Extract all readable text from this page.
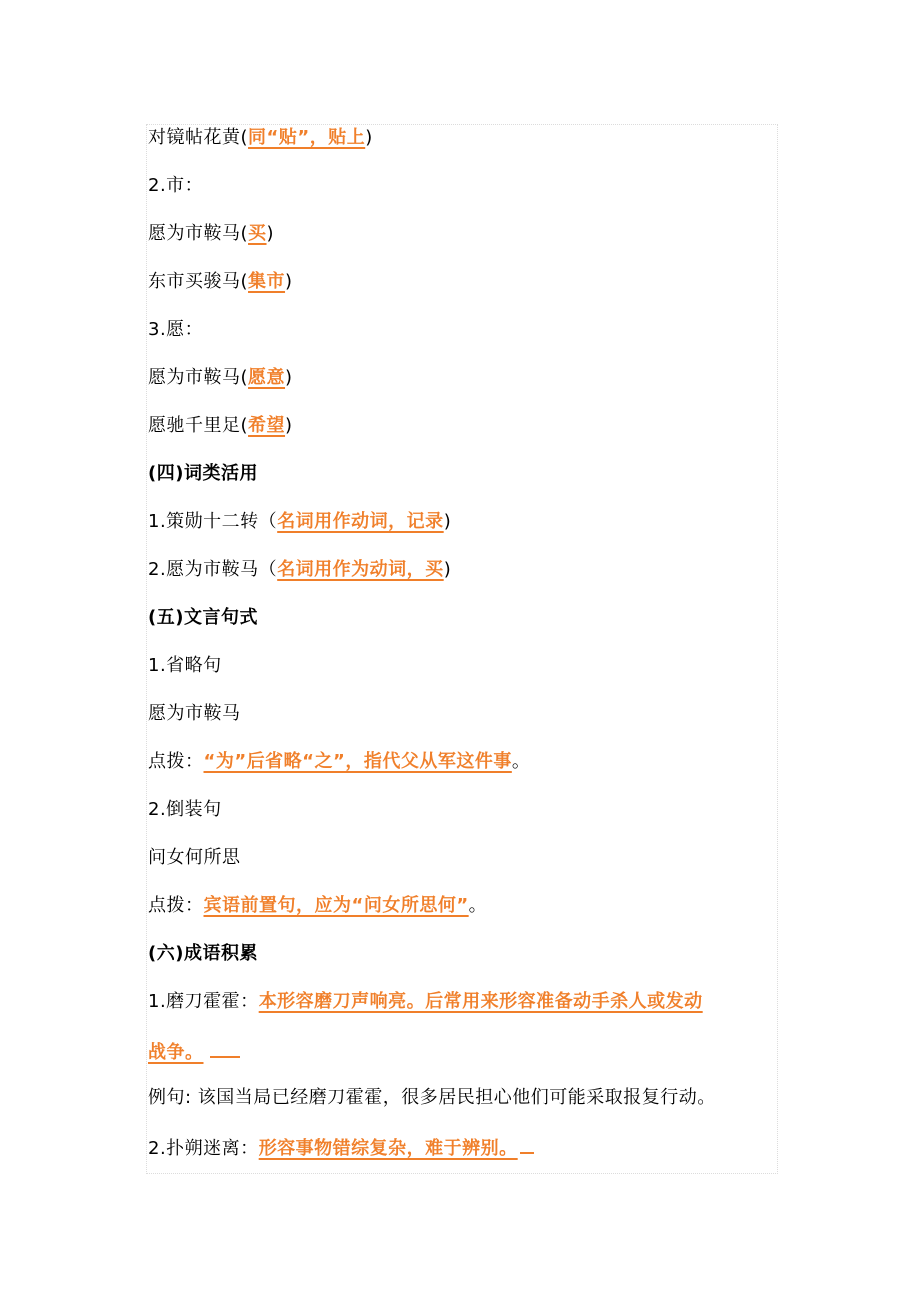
对镜帖花黄(同“贴”，贴上)

2.市：

愿为市鞍马(买)

东市买骏马(集市)

3.愿：

愿为市鞍马(愿意)

愿驰千里足(希望)

(四)词类活用

1.策勋十二转（名词用作动词，记录)

2.愿为市鞍马（名词用作为动词，买)

(五)文言句式

1.省略句

愿为市鞍马

点拨：“为”后省略“之”，指代父从军这件事。

2.倒装句

问女何所思

点拨：宾语前置句，应为“问女所思何”。

(六)成语积累

1.磨刀霍霍：本形容磨刀声响亮。后常用来形容准备动手杀人或发动

战争。

例句: 该国当局已经磨刀霍霍，很多居民担心他们可能采取报复行动。

2.扑朔迷离：形容事物错综复杂，难于辨别。
